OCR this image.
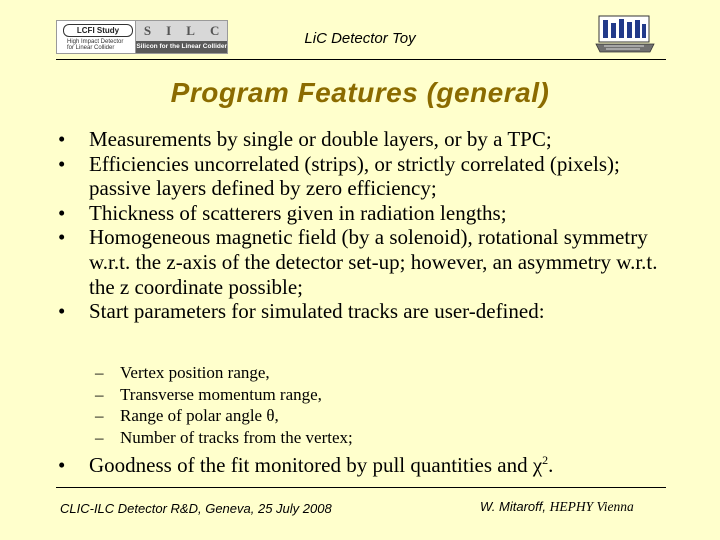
LCFI Study
High Impact Detector
for Linear Collider
S I L C
Silicon for the Linear Collider	LiC Detector Toy
Program Features (general)
• Measurements by single or double layers, or by a TPC;
• Efficiencies uncorrelated (strips), or strictly correlated (pixels); passive layers defined by zero efficiency;
• Thickness of scatterers given in radiation lengths;
• Homogeneous magnetic field (by a solenoid), rotational symmetry w.r.t. the z-axis of the detector set-up; however, an asymmetry w.r.t. the z coordinate possible;
• Start parameters for simulated tracks are user-defined:
– Vertex position range,
– Transverse momentum range,
– Range of polar angle θ,
– Number of tracks from the vertex;
• Goodness of the fit monitored by pull quantities and $\chi^2$.
CLIC-ILC Detector R&D, Geneva, 25 July 2008	W. Mitaroff, HEPHY Vienna
